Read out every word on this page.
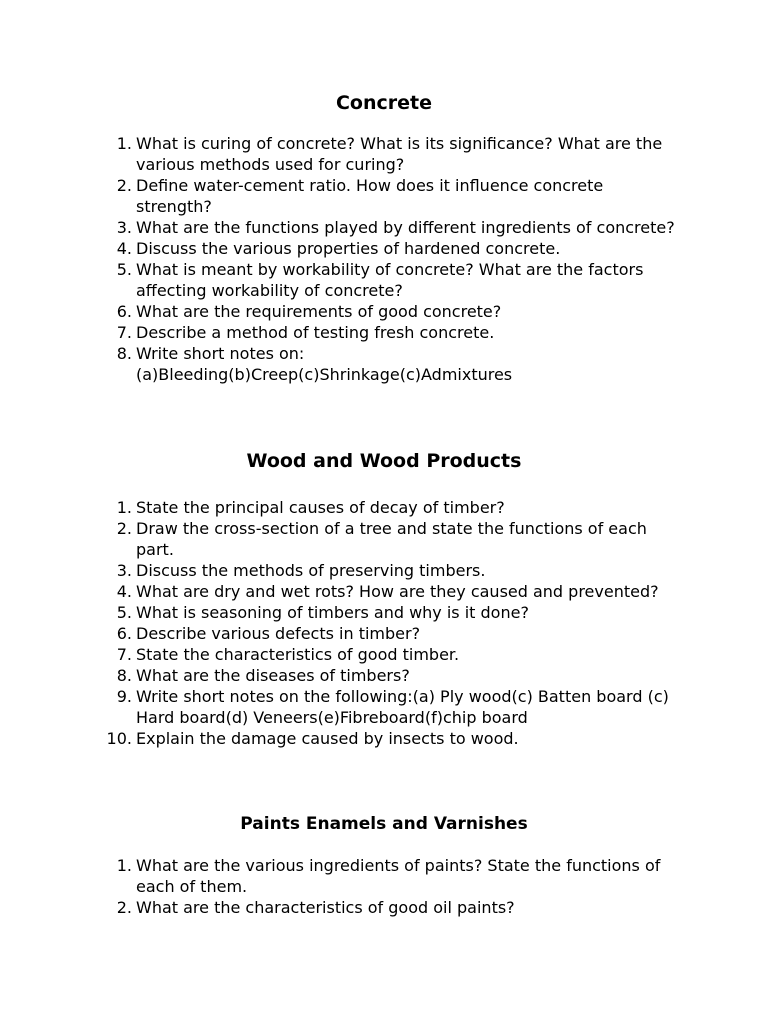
Concrete
1. What is curing of concrete? What is its significance? What are the various methods used for curing?
2. Define water-cement ratio. How does it influence concrete strength?
3. What are the functions played by different ingredients of concrete?
4. Discuss the various properties of hardened concrete.
5. What is meant by workability of concrete? What are the factors affecting workability of concrete?
6. What are the requirements of good concrete?
7. Describe a method of testing fresh concrete.
8. Write short notes on: (a)Bleeding(b)Creep(c)Shrinkage(c)Admixtures
Wood and Wood Products
1. State the principal causes of decay of timber?
2. Draw the cross-section of a tree and state the functions of each part.
3. Discuss the methods of preserving timbers.
4. What are dry and wet rots? How are they caused and prevented?
5. What is seasoning of timbers and why is it done?
6. Describe various defects in timber?
7. State the characteristics of good timber.
8. What are the diseases of timbers?
9. Write short notes on the following:(a) Ply wood(c) Batten board (c) Hard board(d) Veneers(e)Fibreboard(f)chip board
10. Explain the damage caused by insects to wood.
Paints Enamels and Varnishes
1. What are the various ingredients of paints? State the functions of each of them.
2. What are the characteristics of good oil paints?
